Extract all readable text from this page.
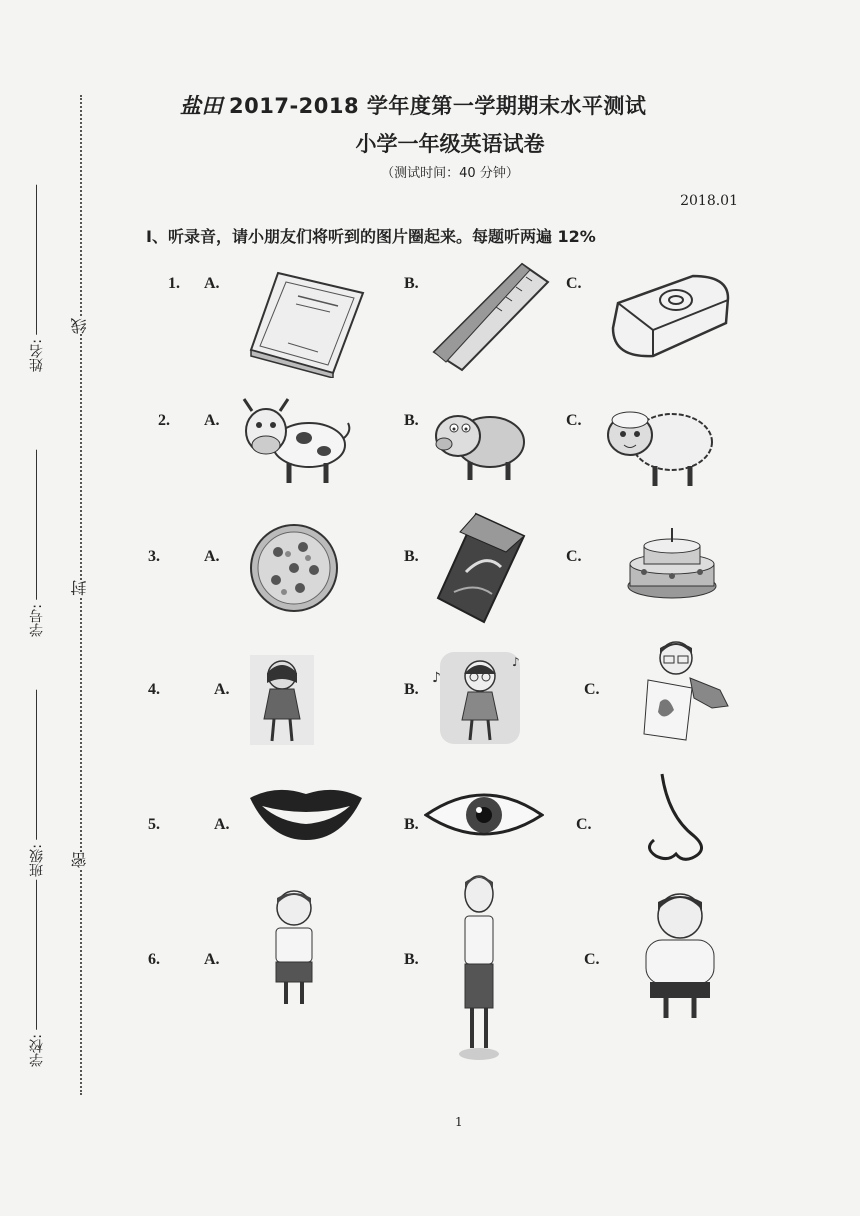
线
封
密
姓名:
学号:
班级:
学校:
盐田 2017-2018 学年度第一学期期末水平测试
小学一年级英语试卷
（测试时间：40 分钟）
2018.01
Ⅰ、听录音，请小朋友们将听到的图片圈起来。每题听两遍 12%
1. A.	B.	C.
2. A.	B.	C.
3.	A.	B.	C.
4.	A.	B.
♪
♪
C.
5.	A.	B.	C.
6.	A.	B.	C.
1
